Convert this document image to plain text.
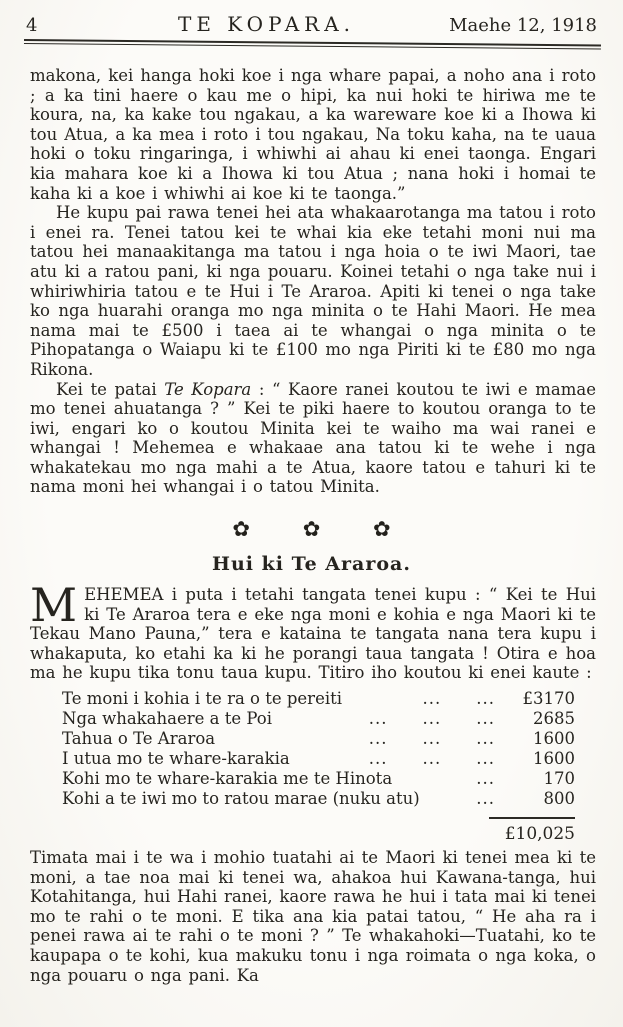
4	TE KOPARA.	Maehe 12, 1918

makona, kei hanga hoki koe i nga whare papai, a noho ana i roto ; a ka tini haere o kau me o hipi, ka nui hoki te hiriwa me te koura, na, ka kake tou ngakau, a ka wareware koe ki a Ihowa ki tou Atua, a ka mea i roto i tou ngakau, Na toku kaha, na te uaua hoki o toku ringaringa, i whiwhi ai ahau ki enei taonga. Engari kia mahara koe ki a Ihowa ki tou Atua ; nana hoki i homai te kaha ki a koe i whiwhi ai koe ki te taonga.”

He kupu pai rawa tenei hei ata whakaarotanga ma tatou i roto i enei ra. Tenei tatou kei te whai kia eke tetahi moni nui ma tatou hei manaakitanga ma tatou i nga hoia o te iwi Maori, tae atu ki a ratou pani, ki nga pouaru. Koinei tetahi o nga take nui i whiriwhiria tatou e te Hui i Te Araroa. Apiti ki tenei o nga take ko nga huarahi oranga mo nga minita o te Hahi Maori. He mea nama mai te £500 i taea ai te whangai o nga minita o te Pihopatanga o Waiapu ki te £100 mo nga Piriti ki te £80 mo nga Rikona.

Kei te patai Te Kopara : “ Kaore ranei koutou te iwi e mamae mo tenei ahuatanga ? ” Kei te piki haere to koutou oranga to te iwi, engari ko o koutou Minita kei te waiho ma wai ranei e whangai ! Mehemea e whakaae ana tatou ki te wehe i nga whakatekau mo nga mahi a te Atua, kaore tatou e tahuri ki te nama moni hei whangai i o tatou Minita.

✿	✿	✿
Hui ki Te Araroa.

MEHEMEA i puta i tetahi tangata tenei kupu : “ Kei te Hui ki Te Araroa tera e eke nga moni e kohia e nga Maori ki te Tekau Mano Pauna,” tera e kataina te tangata nana tera kupu i whakaputa, ko etahi ka ki he porangi taua tangata ! Otira e hoa ma he kupu tika tonu taua kupu. Titiro iho koutou ki enei kaute :

Te moni i kohia i te ra o te pereiti	...  ...	£3170
Nga whakahaere a te Poi	...  ...  ...	2685
Tahua o Te Araroa	...  ...  ...	1600
I utua mo te whare-karakia	...  ...  ...	1600
Kohi mo te whare-karakia me te Hinota	...	170
Kohi a te iwi mo to ratou marae (nuku atu)	...	800
£10,025

Timata mai i te wa i mohio tuatahi ai te Maori ki tenei mea ki te moni, a tae noa mai ki tenei wa, ahakoa hui Kawana-tanga, hui Kotahitanga, hui Hahi ranei, kaore rawa he hui i tata mai ki tenei mo te rahi o te moni. E tika ana kia patai tatou, “ He aha ra i penei rawa ai te rahi o te moni ? ” Te whakahoki—Tuatahi, ko te kaupapa o te kohi, kua makuku tonu i nga roimata o nga koka, o nga pouaru o nga pani. Ka
